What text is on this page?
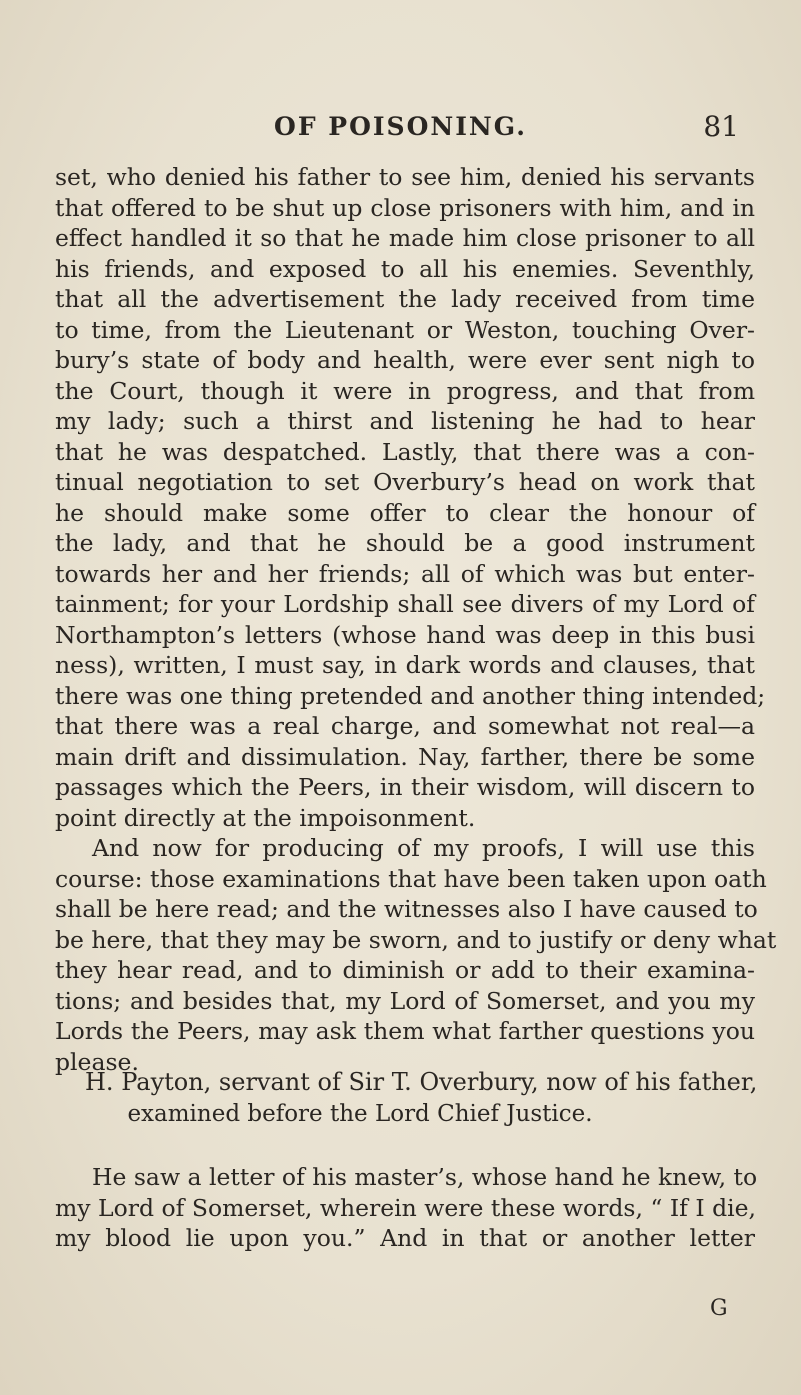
OF POISONING.	81
set, who denied his father to see him, denied his servants
that offered to be shut up close prisoners with him, and in
effect handled it so that he made him close prisoner to all
his friends, and exposed to all his enemies. Seventhly,
that all the advertisement the lady received from time
to time, from the Lieutenant or Weston, touching Over-
bury’s state of body and health, were ever sent nigh to
the Court, though it were in progress, and that from
my lady; such a thirst and listening he had to hear
that he was despatched. Lastly, that there was a con-
tinual negotiation to set Overbury’s head on work that
he should make some offer to clear the honour of
the lady, and that he should be a good instrument
towards her and her friends; all of which was but enter-
tainment; for your Lordship shall see divers of my Lord of
Northampton’s letters (whose hand was deep in this busi
ness), written, I must say, in dark words and clauses, that
there was one thing pretended and another thing intended;
that there was a real charge, and somewhat not real—a
main drift and dissimulation. Nay, farther, there be some
passages which the Peers, in their wisdom, will discern to
point directly at the impoisonment.
And now for producing of my proofs, I will use this
course: those examinations that have been taken upon oath
shall be here read; and the witnesses also I have caused to
be here, that they may be sworn, and to justify or deny what
they hear read, and to diminish or add to their examina-
tions; and besides that, my Lord of Somerset, and you my
Lords the Peers, may ask them what farther questions you
please.
H. Payton, servant of Sir T. Overbury, now of his father,
examined before the Lord Chief Justice.
He saw a letter of his master’s, whose hand he knew, to
my Lord of Somerset, wherein were these words, “ If I die,
my blood lie upon you.” And in that or another letter
G
